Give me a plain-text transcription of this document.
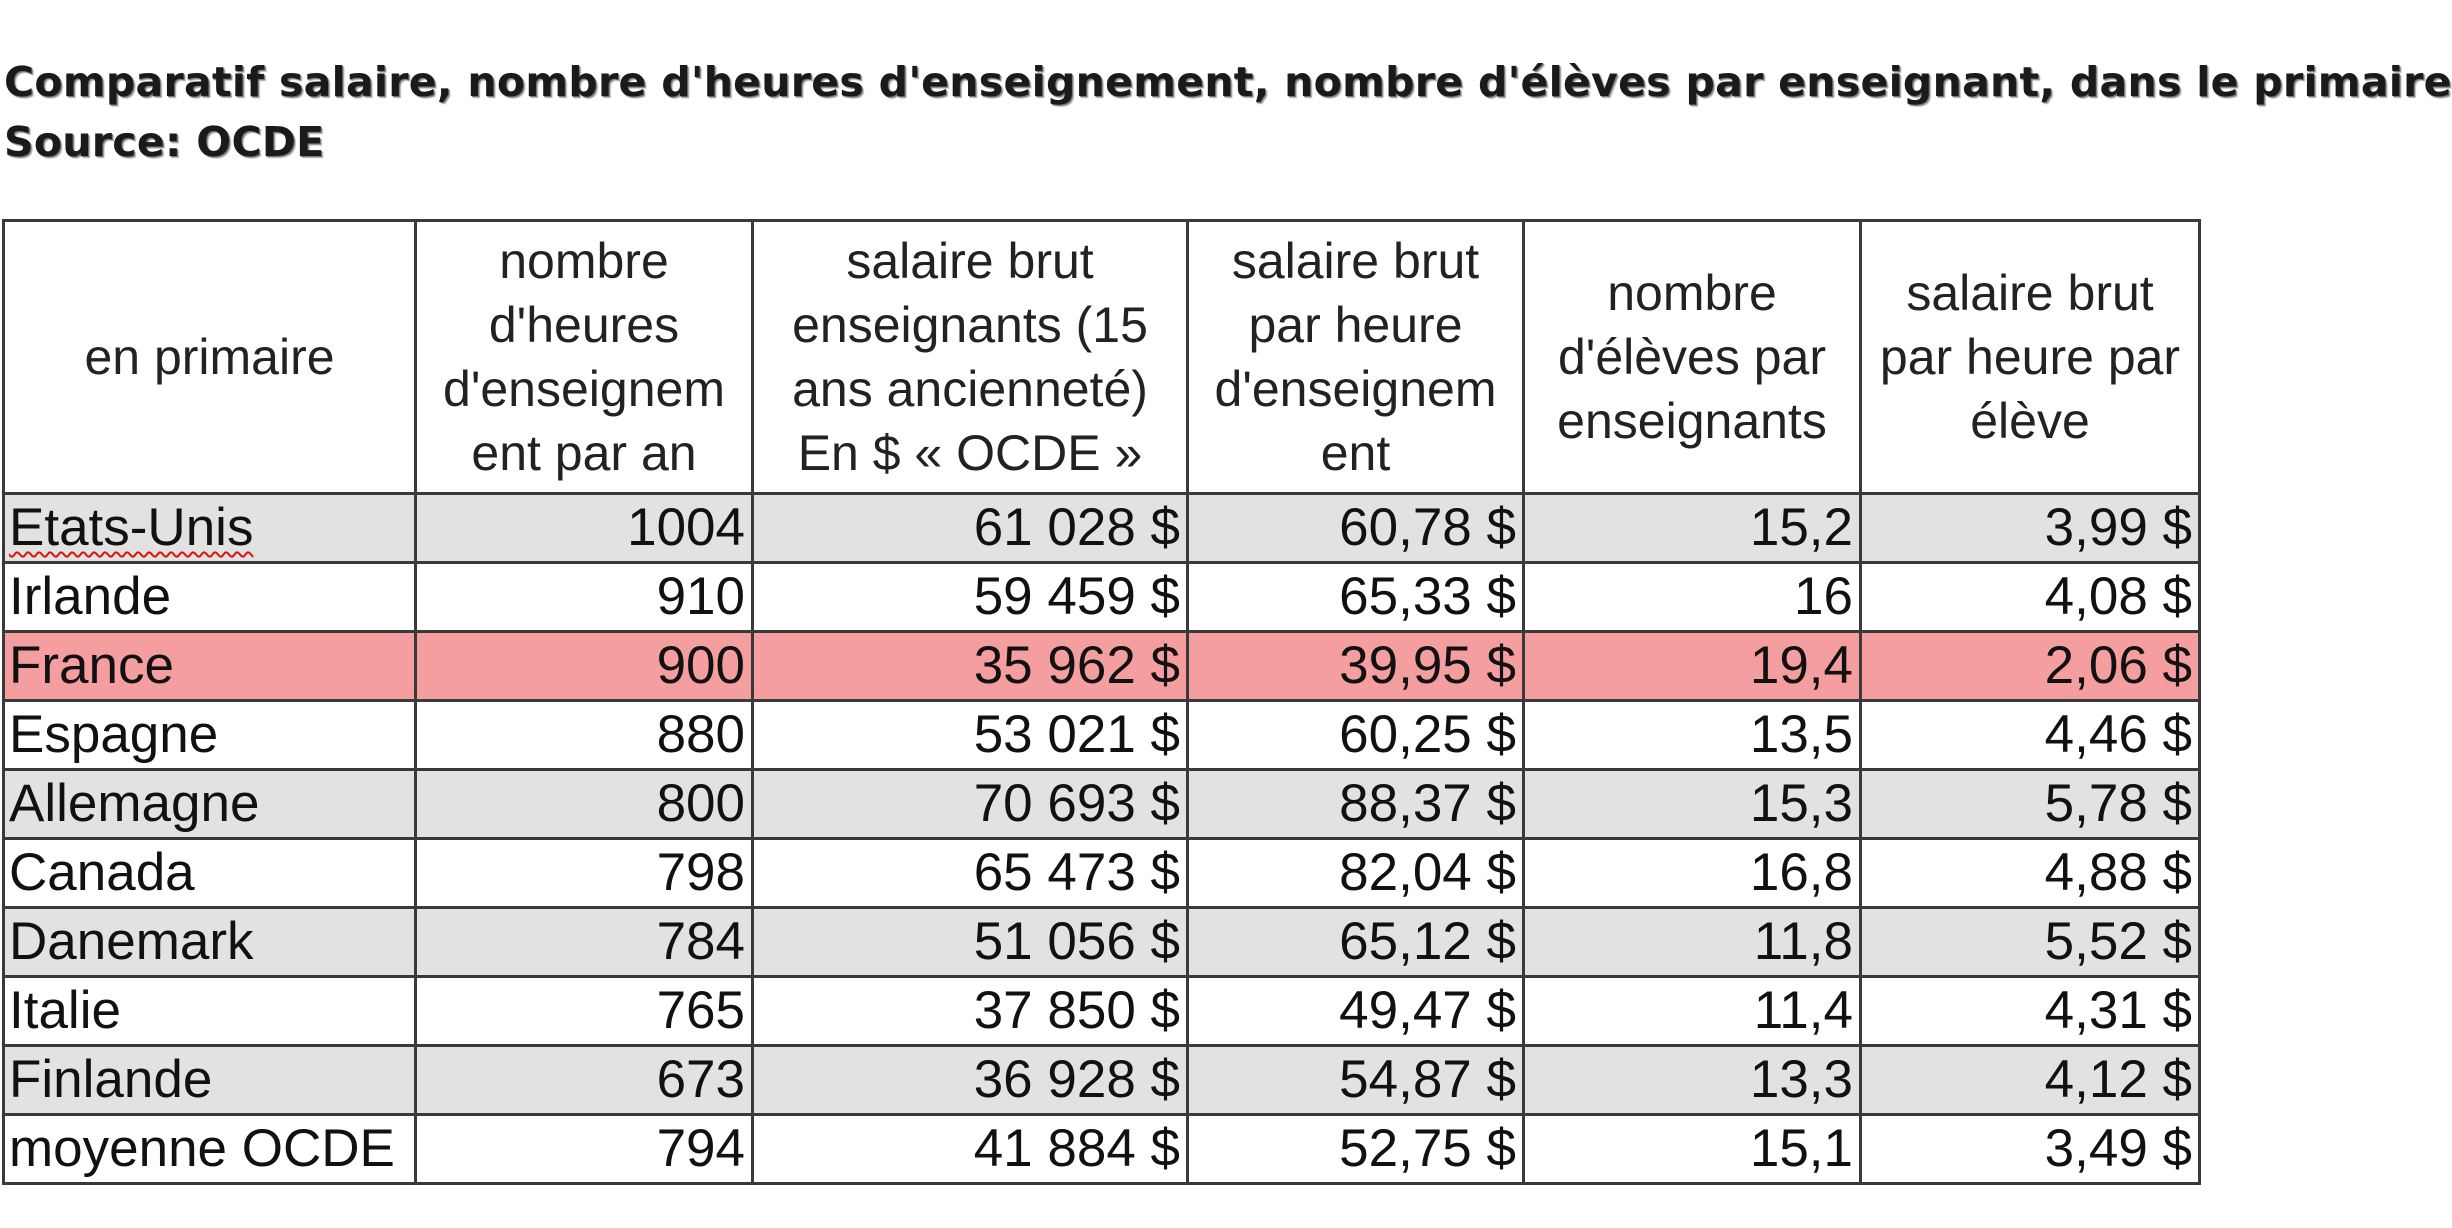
Comparatif salaire, nombre d'heures d'enseignement, nombre d'élèves par enseignant, dans le primaire
Source: OCDE
en primaire	nombre d'heures d'enseignem ent par an	salaire brut enseignants (15 ans ancienneté) En $ « OCDE »	salaire brut par heure d'enseignem ent	nombre d'élèves par enseignants	salaire brut par heure par élève
Etats-Unis	1004	61 028 $	60,78 $	15,2	3,99 $
Irlande	910	59 459 $	65,33 $	16	4,08 $
France	900	35 962 $	39,95 $	19,4	2,06 $
Espagne	880	53 021 $	60,25 $	13,5	4,46 $
Allemagne	800	70 693 $	88,37 $	15,3	5,78 $
Canada	798	65 473 $	82,04 $	16,8	4,88 $
Danemark	784	51 056 $	65,12 $	11,8	5,52 $
Italie	765	37 850 $	49,47 $	11,4	4,31 $
Finlande	673	36 928 $	54,87 $	13,3	4,12 $
moyenne OCDE	794	41 884 $	52,75 $	15,1	3,49 $
